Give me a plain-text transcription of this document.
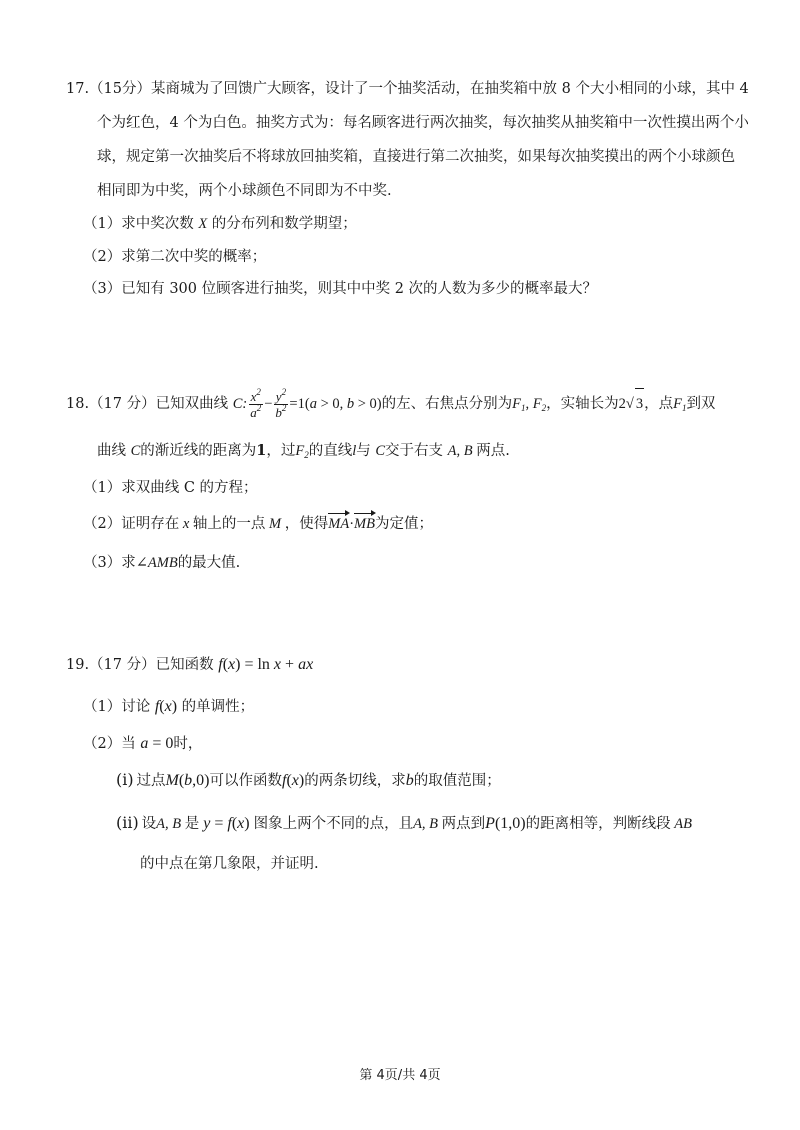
17.（15分）某商城为了回馈广大顾客，设计了一个抽奖活动，在抽奖箱中放 8 个大小相同的小球，其中 4
个为红色，4 个为白色。抽奖方式为：每名顾客进行两次抽奖，每次抽奖从抽奖箱中一次性摸出两个小
球，规定第一次抽奖后不将球放回抽奖箱，直接进行第二次抽奖，如果每次抽奖摸出的两个小球颜色
相同即为中奖，两个小球颜色不同即为不中奖.
（1）求中奖次数 X 的分布列和数学期望；
（2）求第二次中奖的概率；
（3）已知有 300 位顾客进行抽奖，则其中中奖 2 次的人数为多少的概率最大？
18.（17 分）已知双曲线 C: $\frac{x^2}{a^2} - \frac{y^2}{b^2} =1(a > 0$, b > 0)的左、右焦点分别为$F_1$, $F_2$，实轴长为2√ 3，点$F_1$到双
曲线 C的渐近线的距离为1，过$F_2$的直线l与 C交于右支 A, B 两点.
（1）求双曲线 C 的方程；
（2）证明存在 x 轴上的一点 M ，使得MA·MB为定值；
（3）求∠AMB的最大值.
19.（17 分）已知函数 f(x) = ln x + ax
（1）讨论 f(x) 的单调性；
（2）当 a = 0时，
(i)  过点M(b,0)可以作函数f(x)的两条切线，求b的取值范围；
(ii)  设A, B 是 y = f(x) 图象上两个不同的点，且A, B 两点到P(1,0)的距离相等，判断线段 AB
的中点在第几象限，并证明.
第 4页/共 4页
